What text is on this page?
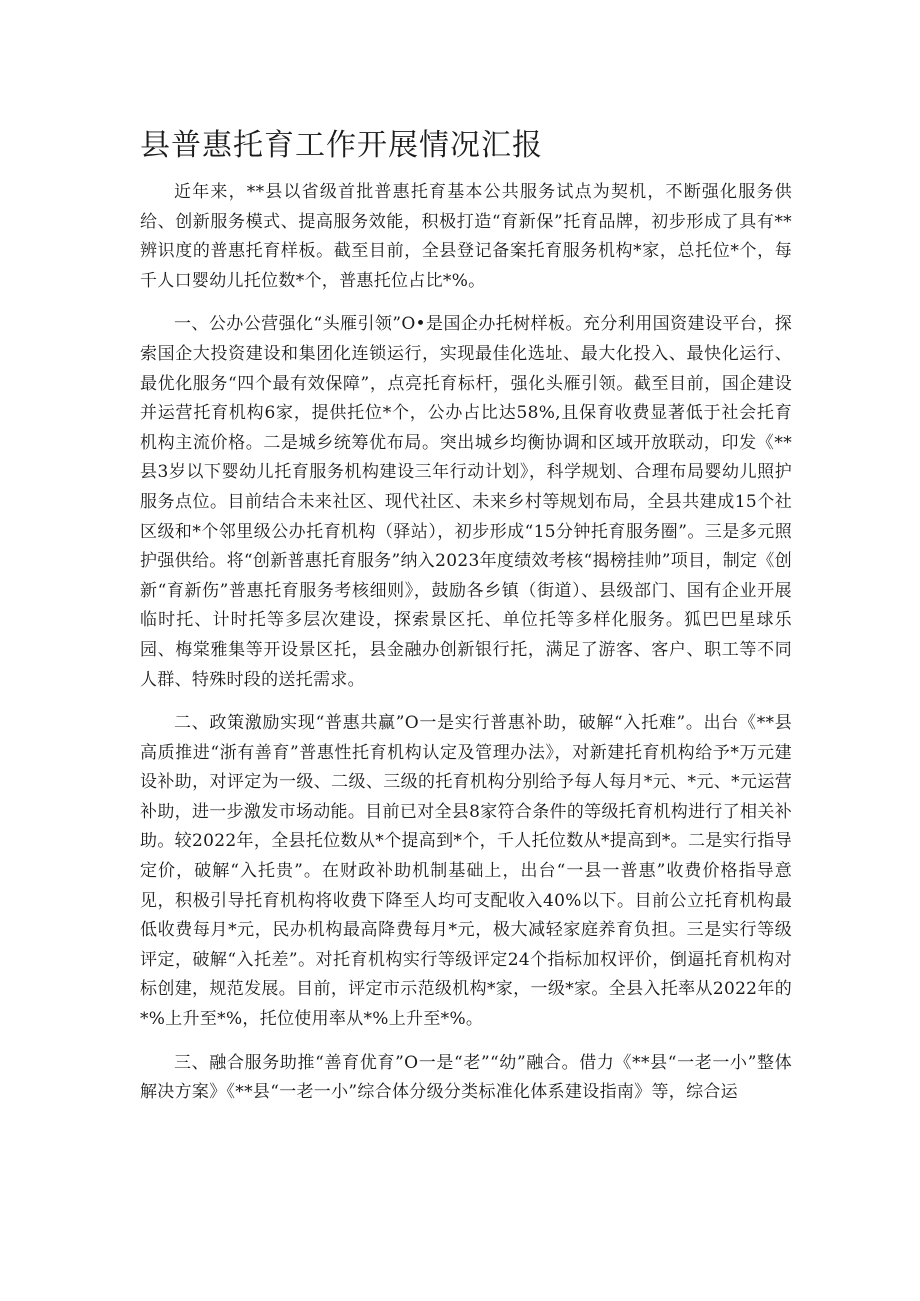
县普惠托育工作开展情况汇报

近年来，**县以省级首批普惠托育基本公共服务试点为契机，不断强化服务供给、创新服务模式、提高服务效能，积极打造“育新保”托育品牌，初步形成了具有**辨识度的普惠托育样板。截至目前，全县登记备案托育服务机构*家，总托位*个，每千人口婴幼儿托位数*个，普惠托位占比*%。

一、公办公营强化“头雁引领”O•是国企办托树样板。充分利用国资建设平台，探索国企大投资建设和集团化连锁运行，实现最佳化选址、最大化投入、最快化运行、最优化服务“四个最有效保障”，点亮托育标杆，强化头雁引领。截至目前，国企建设并运营托育机构6家，提供托位*个，公办占比达58%,且保育收费显著低于社会托育机构主流价格。二是城乡统筹优布局。突出城乡均衡协调和区域开放联动，印发《**县3岁以下婴幼儿托育服务机构建设三年行动计划》，科学规划、合理布局婴幼儿照护服务点位。目前结合未来社区、现代社区、未来乡村等规划布局，全县共建成15个社区级和*个邻里级公办托育机构（驿站），初步形成“15分钟托育服务圈”。三是多元照护强供给。将“创新普惠托育服务”纳入2023年度绩效考核“揭榜挂帅”项目，制定《创新“育新伤”普惠托育服务考核细则》，鼓励各乡镇（街道）、县级部门、国有企业开展临时托、计时托等多层次建设，探索景区托、单位托等多样化服务。狐巴巴星球乐园、梅棠雅集等开设景区托，县金融办创新银行托，满足了游客、客户、职工等不同人群、特殊时段的送托需求。

二、政策激励实现“普惠共赢”O一是实行普惠补助，破解“入托难”。出台《**县高质推进“浙有善育”普惠性托育机构认定及管理办法》，对新建托育机构给予*万元建设补助，对评定为一级、二级、三级的托育机构分别给予每人每月*元、*元、*元运营补助，进一步激发市场动能。目前已对全县8家符合条件的等级托育机构进行了相关补助。较2022年，全县托位数从*个提高到*个，千人托位数从*提高到*。二是实行指导定价，破解“入托贵”。在财政补助机制基础上，出台“一县一普惠”收费价格指导意见，积极引导托育机构将收费下降至人均可支配收入40%以下。目前公立托育机构最低收费每月*元，民办机构最高降费每月*元，极大减轻家庭养育负担。三是实行等级评定，破解“入托差”。对托育机构实行等级评定24个指标加权评价，倒逼托育机构对标创建，规范发展。目前，评定市示范级机构*家，一级*家。全县入托率从2022年的*%上升至*%，托位使用率从*%上升至*%。

三、融合服务助推“善育优育”O一是“老”“幼”融合。借力《**县“一老一小”整体解决方案》《**县“一老一小”综合体分级分类标准化体系建设指南》等，综合运
